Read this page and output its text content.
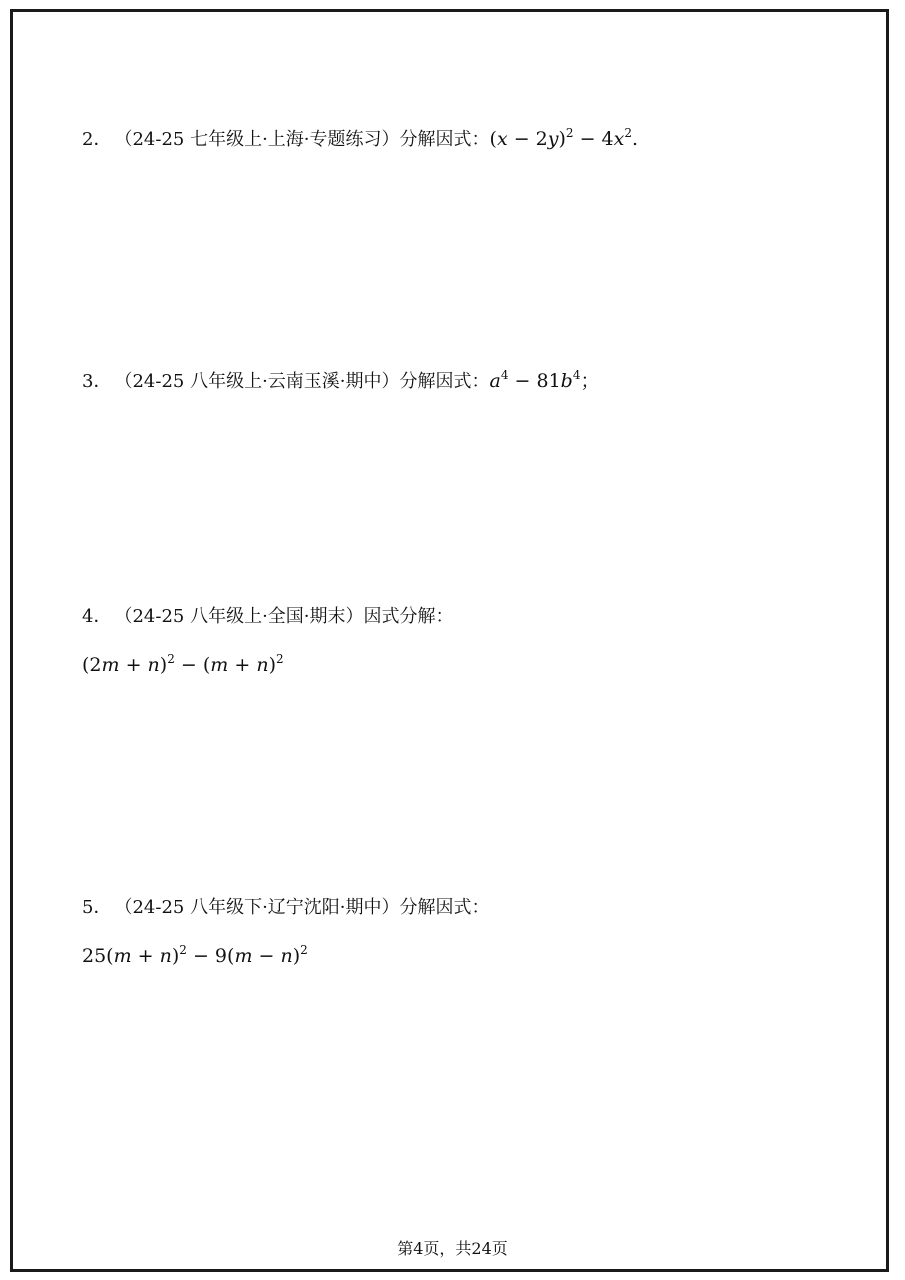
2． （24-25 七年级上·上海·专题练习）分解因式：$(x - 2y)^2 - 4x^2$.
3． （24-25 八年级上·云南玉溪·期中）分解因式：$a^4 - 81b^4$；
4． （24-25 八年级上·全国·期末）因式分解：
$(2m + n)^2 - (m + n)^2$
5． （24-25 八年级下·辽宁沈阳·期中）分解因式：
$25(m + n)^2 - 9(m - n)^2$
第4页，共24页
